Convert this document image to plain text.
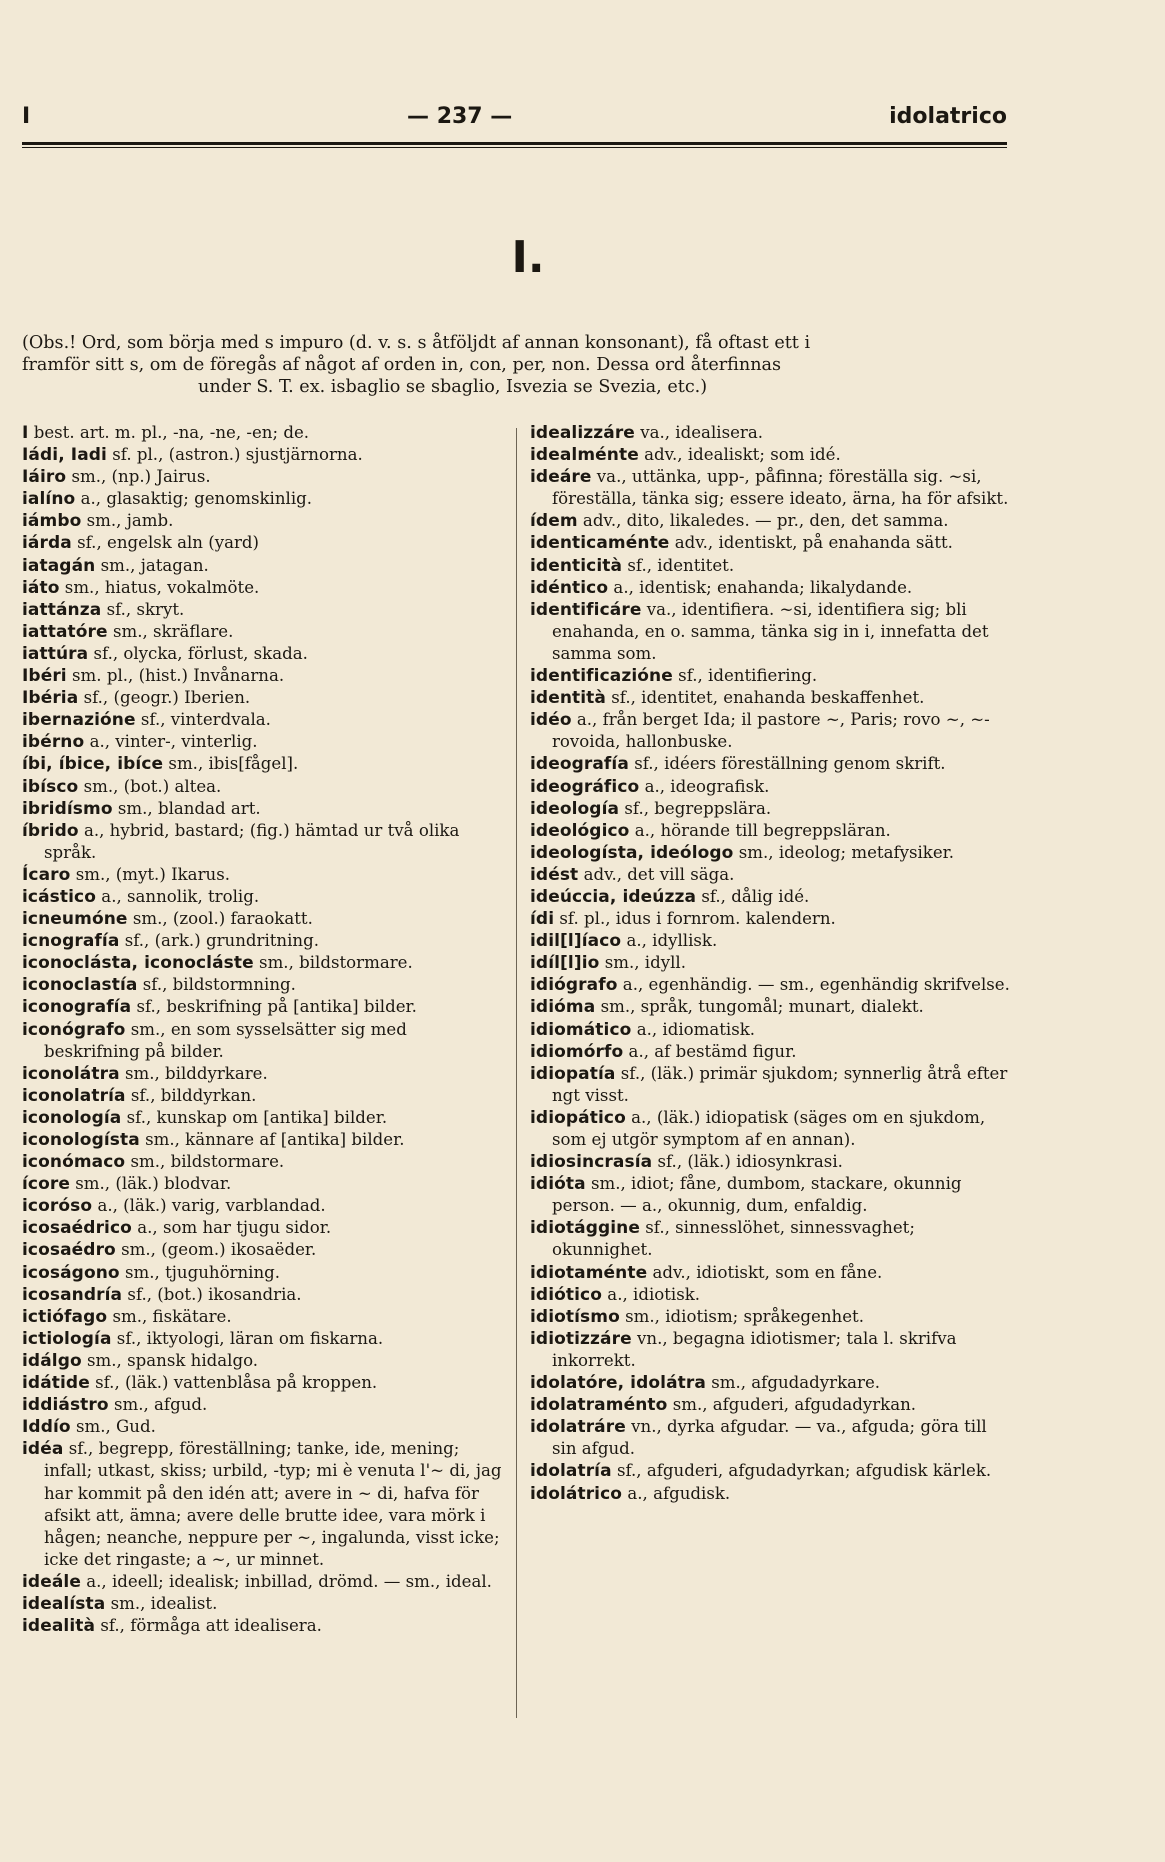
I	— 237 —	idolatrico
I.

(Obs.! Ord, som börja med s impuro (d. v. s. s åtföljdt af annan konsonant), få oftast ett i

framför sitt s, om de föregås af något af orden in, con, per, non. Dessa ord återfinnas

under S. T. ex. isbaglio se sbaglio, Isvezia se Svezia, etc.)

I best. art. m. pl., -na, -ne, -en; de.

Iádi, Iadi sf. pl., (astron.) sjustjärnorna.

Iáiro sm., (np.) Jairus.

ialíno a., glasaktig; genomskinlig.

iámbo sm., jamb.

iárda sf., engelsk aln (yard)

iatagán sm., jatagan.

iáto sm., hiatus, vokalmöte.

iattánza sf., skryt.

iattatóre sm., skräflare.

iattúra sf., olycka, förlust, skada.

Ibéri sm. pl., (hist.) Invånarna.

Ibéria sf., (geogr.) Iberien.

ibernazióne sf., vinterdvala.

ibérno a., vinter-, vinterlig.

íbi, íbice, ibíce sm., ibis[fågel].

ibísco sm., (bot.) altea.

ibridísmo sm., blandad art.

íbrido a., hybrid, bastard; (fig.) hämtad ur två olika språk.

Ícaro sm., (myt.) Ikarus.

icástico a., sannolik, trolig.

icneumóne sm., (zool.) faraokatt.

icnografía sf., (ark.) grundritning.

iconoclásta, iconocláste sm., bildstormare.

iconoclastía sf., bildstormning.

iconografía sf., beskrifning på [antika] bilder.

iconógrafo sm., en som sysselsätter sig med beskrifning på bilder.

iconolátra sm., bilddyrkare.

iconolatría sf., bilddyrkan.

iconología sf., kunskap om [antika] bilder.

iconologísta sm., kännare af [antika] bilder.

iconómaco sm., bildstormare.

ícore sm., (läk.) blodvar.

icoróso a., (läk.) varig, varblandad.

icosaédrico a., som har tjugu sidor.

icosaédro sm., (geom.) ikosaëder.

icoságono sm., tjuguhörning.

icosandría sf., (bot.) ikosandria.

ictiófago sm., fiskätare.

ictiología sf., iktyologi, läran om fiskarna.

idálgo sm., spansk hidalgo.

idátide sf., (läk.) vattenblåsa på kroppen.

iddiástro sm., afgud.

Iddío sm., Gud.

idéa sf., begrepp, föreställning; tanke, ide, mening; infall; utkast, skiss; urbild, -typ; mi è venuta l'~ di, jag har kommit på den idén att; avere in ~ di, hafva för afsikt att, ämna; avere delle brutte idee, vara mörk i hågen; neanche, neppure per ~, ingalunda, visst icke; icke det ringaste; a ~, ur minnet.

ideále a., ideell; idealisk; inbillad, drömd. — sm., ideal.

idealísta sm., idealist.

idealità sf., förmåga att idealisera.

idealizzáre va., idealisera.

idealménte adv., idealiskt; som idé.

ideáre va., uttänka, upp-, påfinna; föreställa sig. ~si, föreställa, tänka sig; essere ideato, ärna, ha för afsikt.

ídem adv., dito, likaledes. — pr., den, det samma.

identicaménte adv., identiskt, på enahanda sätt.

identicità sf., identitet.

idéntico a., identisk; enahanda; likalydande.

identificáre va., identifiera. ~si, identifiera sig; bli enahanda, en o. samma, tänka sig in i, innefatta det samma som.

identificazióne sf., identifiering.

identità sf., identitet, enahanda beskaffenhet.

idéo a., från berget Ida; il pastore ~, Paris; rovo ~, ~-rovoida, hallonbuske.

ideografía sf., idéers föreställning genom skrift.

ideográfico a., ideografisk.

ideología sf., begreppslära.

ideológico a., hörande till begreppsläran.

ideologísta, ideólogo sm., ideolog; metafysiker.

idést adv., det vill säga.

ideúccia, ideúzza sf., dålig idé.

ídi sf. pl., idus i fornrom. kalendern.

idil[l]íaco a., idyllisk.

idíl[l]io sm., idyll.

idiógrafo a., egenhändig. — sm., egenhändig skrifvelse.

idióma sm., språk, tungomål; munart, dialekt.

idiomático a., idiomatisk.

idiomórfo a., af bestämd figur.

idiopatía sf., (läk.) primär sjukdom; synnerlig åtrå efter ngt visst.

idiopático a., (läk.) idiopatisk (säges om en sjukdom, som ej utgör symptom af en annan).

idiosincrasía sf., (läk.) idiosynkrasi.

idióta sm., idiot; fåne, dumbom, stackare, okunnig person. — a., okunnig, dum, enfaldig.

idiotággine sf., sinnesslöhet, sinnessvaghet; okunnighet.

idiotaménte adv., idiotiskt, som en fåne.

idiótico a., idiotisk.

idiotísmo sm., idiotism; språkegenhet.

idiotizzáre vn., begagna idiotismer; tala l. skrifva inkorrekt.

idolatóre, idolátra sm., afgudadyrkare.

idolatraménto sm., afguderi, afgudadyrkan.

idolatráre vn., dyrka afgudar. — va., afguda; göra till sin afgud.

idolatría sf., afguderi, afgudadyrkan; afgudisk kärlek.

idolátrico a., afgudisk.
